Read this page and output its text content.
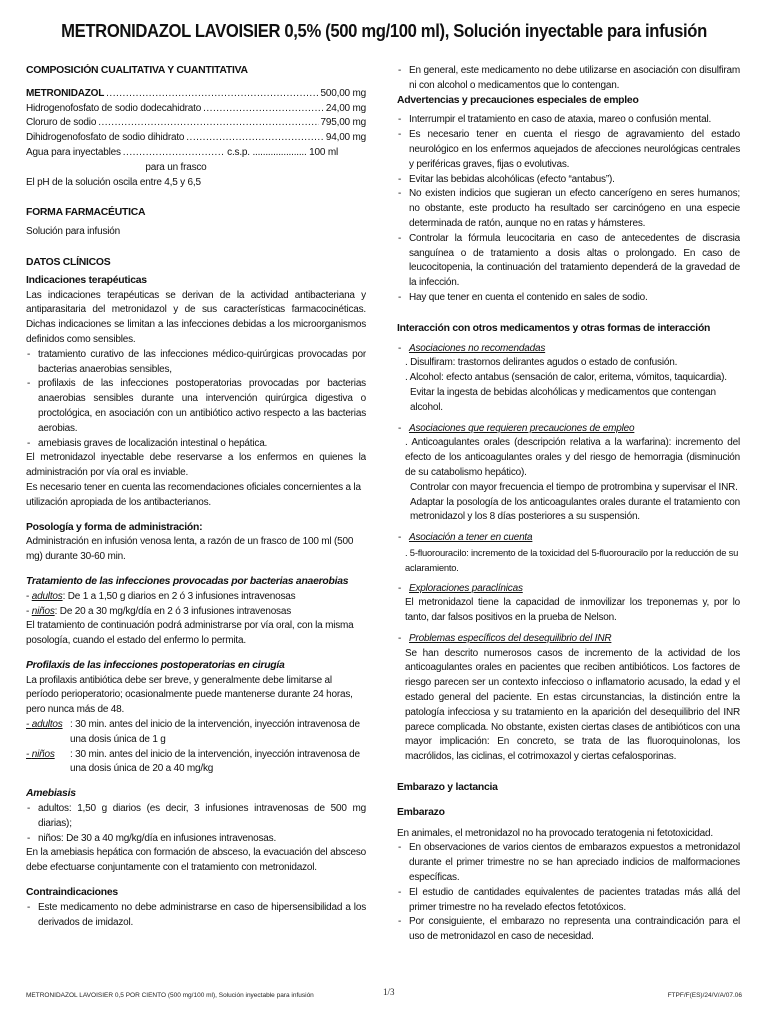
METRONIDAZOL LAVOISIER 0,5% (500 mg/100 ml), Solución inyectable para infusión
COMPOSICIÓN CUALITATIVA Y CUANTITATIVA
METRONIDAZOL .....	500,00 mg
Hidrogenofosfato de sodio dodecahidrato .....	24,00 mg
Cloruro de sodio .....	795,00 mg
Dihidrogenofosfato de sodio dihidrato .....	94,00 mg
Agua para inyectables .....	c.s.p. ..................... 100 ml
para un frasco
El pH de la solución oscila entre 4,5 y 6,5
FORMA FARMACÉUTICA
Solución para infusión
DATOS CLÍNICOS
Indicaciones terapéuticas
Las indicaciones terapéuticas se derivan de la actividad antibacteriana y antiparasitaria del metronidazol y de sus características farmacocinéticas. Dichas indicaciones se limitan a las infecciones debidas a los microorganismos definidos como sensibles.
- tratamiento curativo de las infecciones médico-quirúrgicas provocadas por bacterias anaerobias sensibles,
- profilaxis de las infecciones postoperatorias provocadas por bacterias anaerobias sensibles durante una intervención quirúrgica digestiva o proctológica, en asociación con un antibiótico activo respecto a las bacterias aerobias.
- amebiasis graves de localización intestinal o hepática.
El metronidazol inyectable debe reservarse a los enfermos en quienes la administración por vía oral es inviable.
Es necesario tener en cuenta las recomendaciones oficiales concernientes a la utilización apropiada de los antibacterianos.
Posología y forma de administración:
Administración en infusión venosa lenta, a razón de un frasco de 100 ml (500 mg) durante 30-60 min.
Tratamiento de las infecciones provocadas por bacterias anaerobias
- adultos: De 1 a 1,50 g diarios en 2 ó 3 infusiones intravenosas
- niños: De 20 a 30 mg/kg/día en 2 ó 3 infusiones intravenosas
El tratamiento de continuación podrá administrarse por vía oral, con la misma posología, cuando el estado del enfermo lo permita.
Profilaxis de las infecciones postoperatorias en cirugía
La profilaxis antibiótica debe ser breve, y generalmente debe limitarse al período perioperatorio; ocasionalmente puede mantenerse durante 24 horas, pero nunca más de 48.
- adultos : 30 min. antes del inicio de la intervención, inyección intravenosa de una dosis única de 1 g
- niños : 30 min. antes del inicio de la intervención, inyección intravenosa de una dosis única de 20 a 40 mg/kg
Amebiasis
- adultos: 1,50 g diarios (es decir, 3 infusiones intravenosas de 500 mg diarias);
- niños: De 30 a 40 mg/kg/día en infusiones intravenosas.
En la amebiasis hepática con formación de absceso, la evacuación del absceso debe efectuarse conjuntamente con el tratamiento con metronidazol.
Contraindicaciones
- Este medicamento no debe administrarse en caso de hipersensibilidad a los derivados de imidazol.
- En general, este medicamento no debe utilizarse en asociación con disulfiram ni con alcohol o medicamentos que lo contengan.
Advertencias y precauciones especiales de empleo
- Interrumpir el tratamiento en caso de ataxia, mareo o confusión mental.
- Es necesario tener en cuenta el riesgo de agravamiento del estado neurológico en los enfermos aquejados de afecciones neurológicas centrales y periféricas graves, fijas o evolutivas.
- Evitar las bebidas alcohólicas (efecto “antabus”).
- No existen indicios que sugieran un efecto cancerígeno en seres humanos; no obstante, este producto ha resultado ser carcinógeno en una especie determinada de ratón, aunque no en ratas y hámsteres.
- Controlar la fórmula leucocitaria en caso de antecedentes de discrasia sanguínea o de tratamiento a dosis altas o prolongado. En caso de leucocitopenia, la continuación del tratamiento dependerá de la gravedad de la infección.
- Hay que tener en cuenta el contenido en sales de sodio.
Interacción con otros medicamentos y otras formas de interacción
- Asociaciones no recomendadas
. Disulfiram: trastornos delirantes agudos o estado de confusión.
. Alcohol: efecto antabus (sensación de calor, eritema, vómitos, taquicardia).
Evitar la ingesta de bebidas alcohólicas y medicamentos que contengan alcohol.
- Asociaciones que requieren precauciones de empleo
. Anticoagulantes orales (descripción relativa a la warfarina): incremento del efecto de los anticoagulantes orales y del riesgo de hemorragia (disminución de su catabolismo hepático).
Controlar con mayor frecuencia el tiempo de protrombina y supervisar el INR.
Adaptar la posología de los anticoagulantes orales durante el tratamiento con metronidazol y los 8 días posteriores a su suspensión.
- Asociación a tener en cuenta
. 5-fluorouracilo: incremento de la toxicidad del 5-fluorouracilo por la reducción de su aclaramiento.
- Exploraciones paraclínicas
El metronidazol tiene la capacidad de inmovilizar los treponemas y, por lo tanto, dar falsos positivos en la prueba de Nelson.
- Problemas específicos del desequilibrio del INR
Se han descrito numerosos casos de incremento de la actividad de los anticoagulantes orales en pacientes que reciben antibióticos. Los factores de riesgo parecen ser un contexto infeccioso o inflamatorio acusado, la edad y el estado general del paciente. En estas circunstancias, la distinción entre la patología infecciosa y su tratamiento en la aparición del desequilibrio del INR parece complicada. No obstante, existen ciertas clases de antibióticos con una mayor implicación: En concreto, se trata de las fluoroquinolonas, los macrólidos, las ciclinas, el cotrimoxazol y ciertas cefalosporinas.
Embarazo y lactancia
Embarazo
En animales, el metronidazol no ha provocado teratogenia ni fetotoxicidad.
- En observaciones de varios cientos de embarazos expuestos a metronidazol durante el primer trimestre no se han apreciado indicios de malformaciones específicas.
- El estudio de cantidades equivalentes de pacientes tratadas más allá del primer trimestre no ha revelado efectos fetotóxicos.
- Por consiguiente, el embarazo no representa una contraindicación para el uso de metronidazol en caso de necesidad.
METRONIDAZOL LAVOISIER 0,5 POR CIENTO (500 mg/100 ml), Solución inyectable para infusión	1/3	FTPF/F(ES)/24/V/A/07.06
